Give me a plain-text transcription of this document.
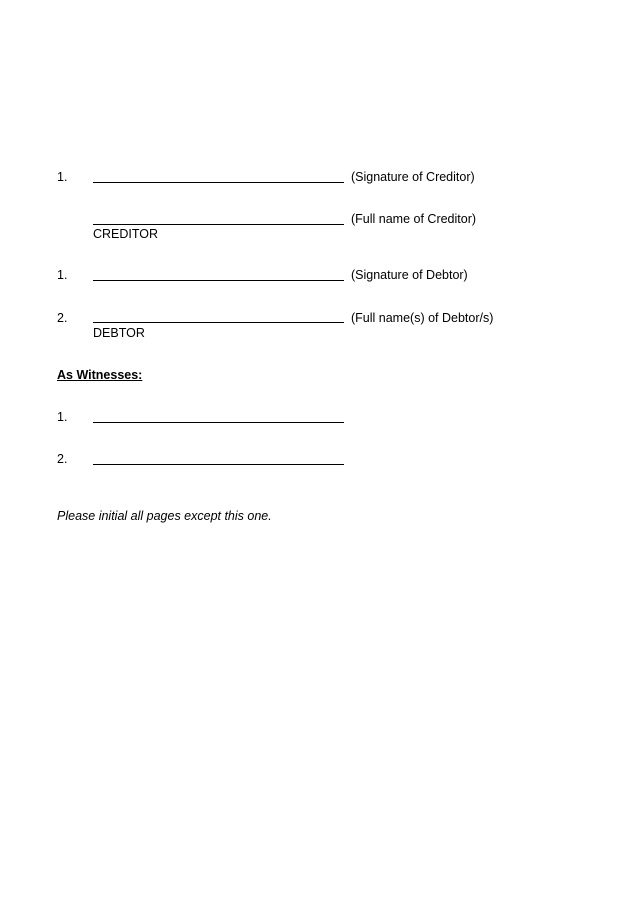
1.	(Signature of Creditor)
(Full name of Creditor)
CREDITOR
1.	(Signature of Debtor)
2.	(Full name(s) of Debtor/s)
DEBTOR
As Witnesses:
1.
2.
Please initial all pages except this one.
